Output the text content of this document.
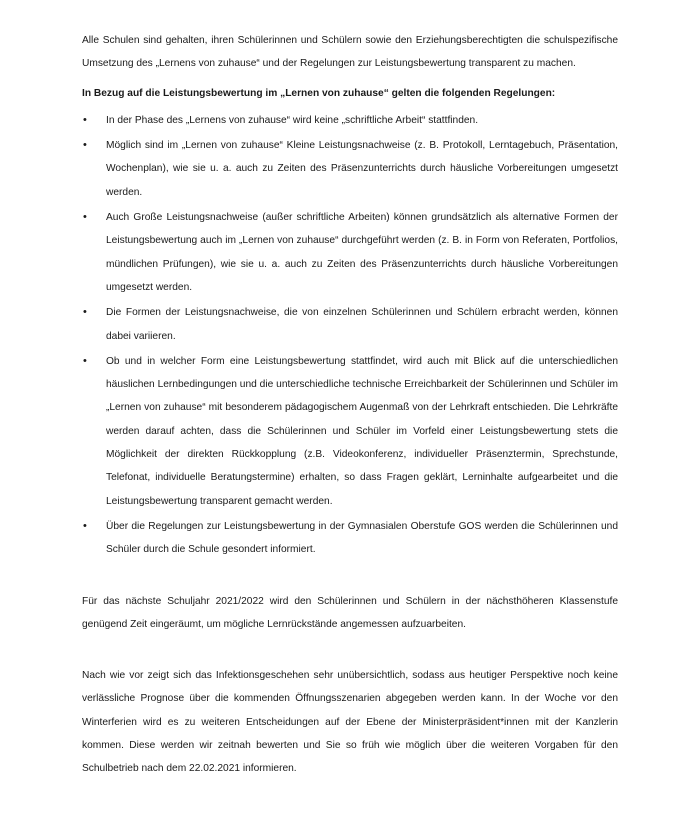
Alle Schulen sind gehalten, ihren Schülerinnen und Schülern sowie den Erziehungsberechtigten die schulspezifische Umsetzung des „Lernens von zuhause“ und der Regelungen zur Leistungsbewertung transparent zu machen.

In Bezug auf die Leistungsbewertung im „Lernen von zuhause“ gelten die folgenden Regelungen:

• In der Phase des „Lernens von zuhause“ wird keine „schriftliche Arbeit“ stattfinden.
• Möglich sind im „Lernen von zuhause“ Kleine Leistungsnachweise (z. B. Protokoll, Lerntagebuch, Präsentation, Wochenplan), wie sie u. a. auch zu Zeiten des Präsenzunterrichts durch häusliche Vorbereitungen umgesetzt werden.
• Auch Große Leistungsnachweise (außer schriftliche Arbeiten) können grundsätzlich als alternative Formen der Leistungsbewertung auch im „Lernen von zuhause“ durchgeführt werden (z. B. in Form von Referaten, Portfolios, mündlichen Prüfungen), wie sie u. a. auch zu Zeiten des Präsenzunterrichts durch häusliche Vorbereitungen umgesetzt werden.
• Die Formen der Leistungsnachweise, die von einzelnen Schülerinnen und Schülern erbracht werden, können dabei variieren.
• Ob und in welcher Form eine Leistungsbewertung stattfindet, wird auch mit Blick auf die unterschiedlichen häuslichen Lernbedingungen und die unterschiedliche technische Erreichbarkeit der Schülerinnen und Schüler im „Lernen von zuhause“ mit besonderem pädagogischem Augenmaß von der Lehrkraft entschieden. Die Lehrkräfte werden darauf achten, dass die Schülerinnen und Schüler im Vorfeld einer Leistungsbewertung stets die Möglichkeit der direkten Rückkopplung (z.B. Videokonferenz, individueller Präsenztermin, Sprechstunde, Telefonat, individuelle Beratungstermine) erhalten, so dass Fragen geklärt, Lerninhalte aufgearbeitet und die Leistungsbewertung transparent gemacht werden.
• Über die Regelungen zur Leistungsbewertung in der Gymnasialen Oberstufe GOS werden die Schülerinnen und Schüler durch die Schule gesondert informiert.

Für das nächste Schuljahr 2021/2022 wird den Schülerinnen und Schülern in der nächsthöheren Klassenstufe genügend Zeit eingeräumt, um mögliche Lernrückstände angemessen aufzuarbeiten.

Nach wie vor zeigt sich das Infektionsgeschehen sehr unübersichtlich, sodass aus heutiger Perspektive noch keine verlässliche Prognose über die kommenden Öffnungsszenarien abgegeben werden kann. In der Woche vor den Winterferien wird es zu weiteren Entscheidungen auf der Ebene der Ministerpräsident*innen mit der Kanzlerin kommen. Diese werden wir zeitnah bewerten und Sie so früh wie möglich über die weiteren Vorgaben für den Schulbetrieb nach dem 22.02.2021 informieren.
